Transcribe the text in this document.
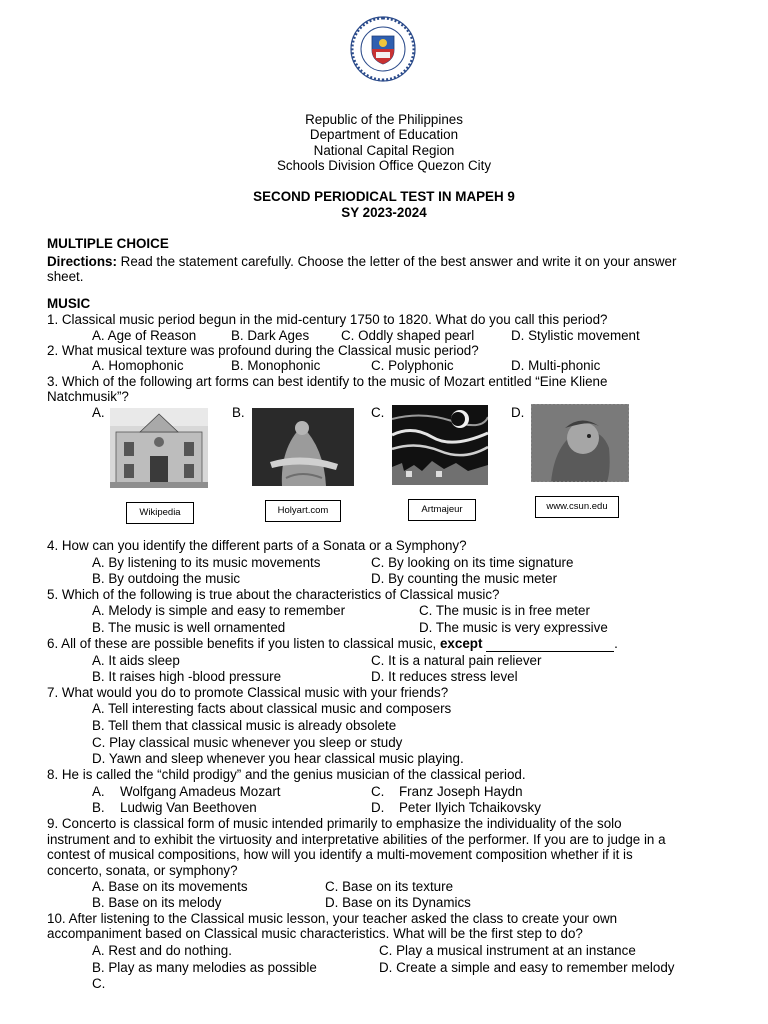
Republic of the Philippines
Department of Education
National Capital Region
Schools Division Office Quezon City
SECOND PERIODICAL TEST IN MAPEH 9
SY 2023-2024
MULTIPLE CHOICE
Directions: Read the statement carefully. Choose the letter of the best answer and write it on your answer
sheet.
MUSIC
1. Classical music period begun in the mid-century 1750 to 1820. What do you call this period?
A. Age of Reason	B. Dark Ages C. Oddly shaped pearl	D. Stylistic movement
2. What musical texture was profound during the Classical music period?
A. Homophonic	B. Monophonic	C. Polyphonic	D. Multi-phonic
3. Which of the following art forms can best identify to the music of Mozart entitled “Eine Kliene
Natchmusik”?
A.	B.	C.	D.
Wikipedia	Holyart.com	Artmajeur	www.csun.edu
4. How can you identify the different parts of a Sonata or a Symphony?
A. By listening to its music movements	C. By looking on its time signature
B. By outdoing the music	D. By counting the music meter
5. Which of the following is true about the characteristics of Classical music?
A. Melody is simple and easy to remember	C. The music is in free meter
B. The music is well ornamented	D. The music is very expressive
6. All of these are possible benefits if you listen to classical music, except	.
A. It aids sleep	C. It is a natural pain reliever
B. It raises high -blood pressure	D. It reduces stress level
7. What would you do to promote Classical music with your friends?
A. Tell interesting facts about classical music and composers
B. Tell them that classical music is already obsolete
C. Play classical music whenever you sleep or study
D. Yawn and sleep whenever you hear classical music playing.
8. He is called the “child prodigy” and the genius musician of the classical period.
A. Wolfgang Amadeus Mozart	C. Franz Joseph Haydn
B. Ludwig Van Beethoven	D. Peter Ilyich Tchaikovsky
9. Concerto is classical form of music intended primarily to emphasize the individuality of the solo
instrument and to exhibit the virtuosity and interpretative abilities of the performer. If you are to judge in a
contest of musical compositions, how will you identify a multi-movement composition whether if it is
concerto, sonata, or symphony?
A. Base on its movements	C. Base on its texture
B. Base on its melody	D. Base on its Dynamics
10. After listening to the Classical music lesson, your teacher asked the class to create your own
accompaniment based on Classical music characteristics. What will be the first step to do?
A. Rest and do nothing.	C. Play a musical instrument at an instance
B. Play as many melodies as possible	D. Create a simple and easy to remember melody
C.
